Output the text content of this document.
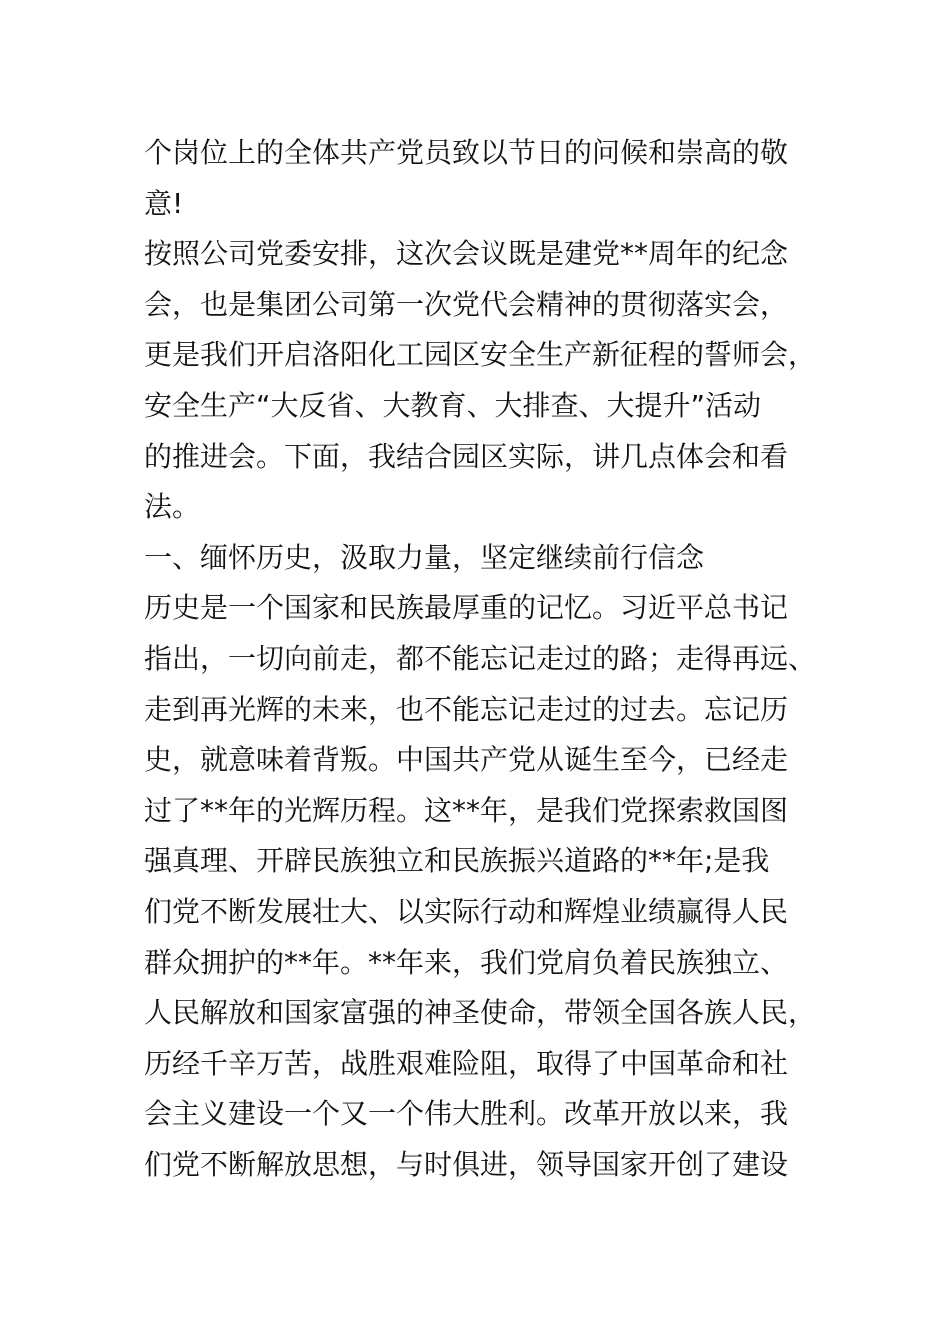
个岗位上的全体共产党员致以节日的问候和崇高的敬
意!
按照公司党委安排，这次会议既是建党**周年的纪念
会，也是集团公司第一次党代会精神的贯彻落实会，
更是我们开启洛阳化工园区安全生产新征程的誓师会，
安全生产“大反省、大教育、大排查、大提升”活动
的推进会。下面，我结合园区实际，讲几点体会和看
法。
一、缅怀历史，汲取力量，坚定继续前行信念
历史是一个国家和民族最厚重的记忆。习近平总书记
指出，一切向前走，都不能忘记走过的路；走得再远、
走到再光辉的未来，也不能忘记走过的过去。忘记历
史，就意味着背叛。中国共产党从诞生至今，已经走
过了**年的光辉历程。这**年，是我们党探索救国图
强真理、开辟民族独立和民族振兴道路的**年;是我
们党不断发展壮大、以实际行动和辉煌业绩赢得人民
群众拥护的**年。**年来，我们党肩负着民族独立、
人民解放和国家富强的神圣使命，带领全国各族人民，
历经千辛万苦，战胜艰难险阻，取得了中国革命和社
会主义建设一个又一个伟大胜利。改革开放以来，我
们党不断解放思想，与时俱进，领导国家开创了建设
